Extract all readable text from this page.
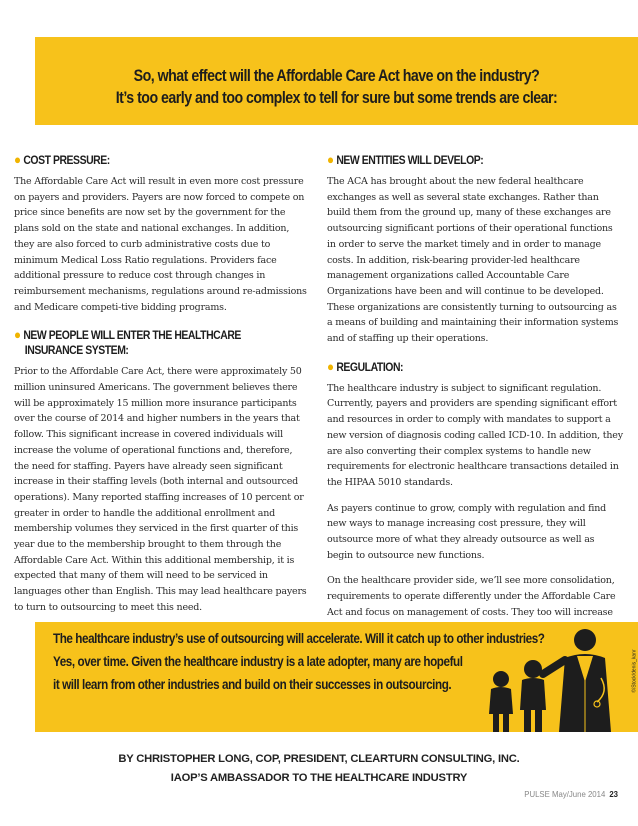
So, what effect will the Affordable Care Act have on the industry?
It’s too early and too complex to tell for sure but some trends are clear:
● COST PRESSURE:

The Affordable Care Act will result in even more cost pressure on payers and providers. Payers are now forced to compete on price since benefits are now set by the government for the plans sold on the state and national exchanges. In addition, they are also forced to curb administrative costs due to minimum Medical Loss Ratio regulations. Providers face additional pressure to reduce cost through changes in reimbursement mechanisms, regulations around re-admissions and Medicare competi-tive bidding programs.

● NEW PEOPLE WILL ENTER THE HEALTHCARE
INSURANCE SYSTEM:

Prior to the Affordable Care Act, there were approximately 50 million uninsured Americans. The government believes there will be approximately 15 million more insurance participants over the course of 2014 and higher numbers in the years that follow. This significant increase in covered individuals will increase the volume of operational functions and, therefore, the need for staffing. Payers have already seen significant increase in their staffing levels (both internal and outsourced operations). Many reported staffing increases of 10 percent or greater in order to handle the additional enrollment and membership volumes they serviced in the first quarter of this year due to the membership brought to them through the Affordable Care Act. Within this additional membership, it is expected that many of them will need to be serviced in languages other than English. This may lead healthcare payers to turn to outsourcing to meet this need.

● NEW ENTITIES WILL DEVELOP:

The ACA has brought about the new federal healthcare exchanges as well as several state exchanges. Rather than build them from the ground up, many of these exchanges are outsourcing significant portions of their operational functions in order to serve the market timely and in order to manage costs. In addition, risk-bearing provider-led healthcare management organizations called Accountable Care Organizations have been and will continue to be developed. These organizations are consistently turning to outsourcing as a means of building and maintaining their information systems and of staffing up their operations.

● REGULATION:

The healthcare industry is subject to significant regulation. Currently, payers and providers are spending significant effort and resources in order to comply with mandates to support a new version of diagnosis coding called ICD-10. In addition, they are also converting their complex systems to handle new requirements for electronic healthcare transactions detailed in the HIPAA 5010 standards.

As payers continue to grow, comply with regulation and find new ways to manage increasing cost pressure, they will outsource more of what they already outsource as well as begin to outsource new functions.

On the healthcare provider side, we’ll see more consolidation, requirements to operate differently under the Affordable Care Act and focus on management of costs. They too will increase

The healthcare industry’s use of outsourcing will accelerate. Will it catch up to other industries?
Yes, over time. Given the healthcare industry is a late adopter, many are hopeful
it will learn from other industries and build on their successes in outsourcing.	©iStock/denis_kanr
BY CHRISTOPHER LONG, COP, PRESIDENT, CLEARTURN CONSULTING, INC.
IAOP’S AMBASSADOR TO THE HEALTHCARE INDUSTRY
PULSE May/June 2014 23
